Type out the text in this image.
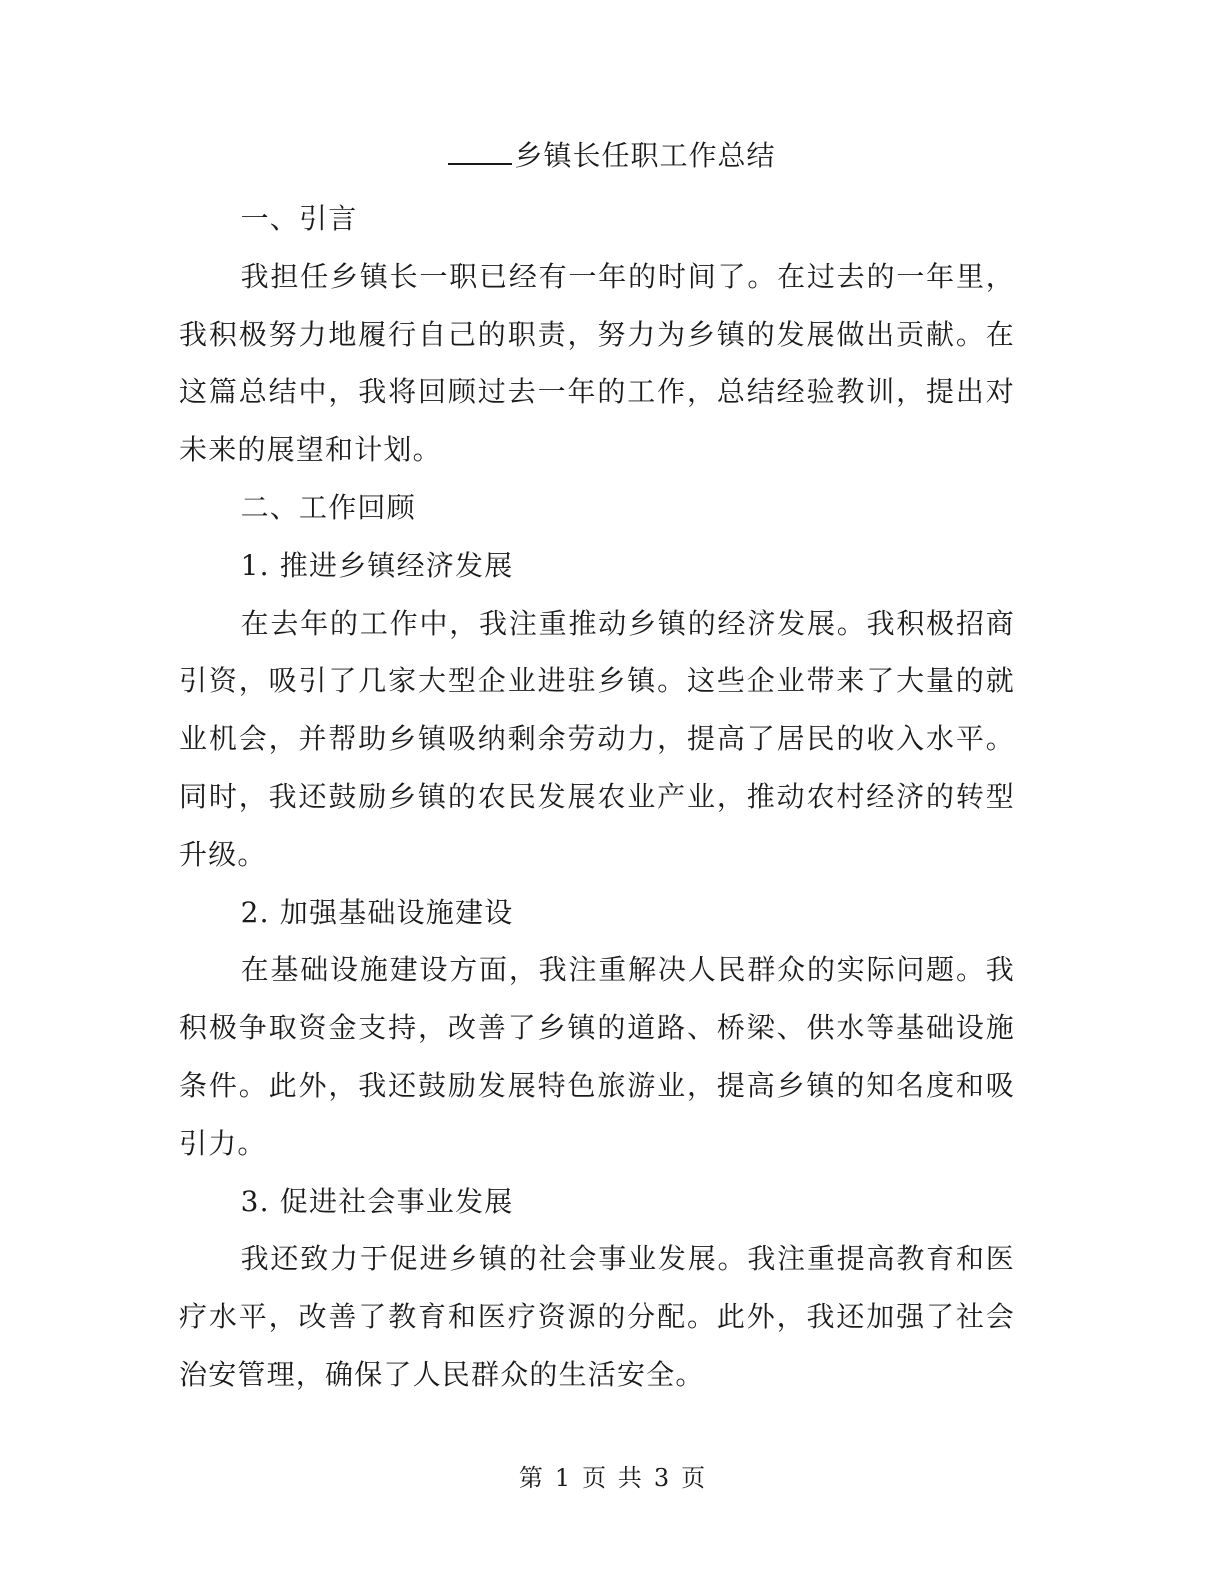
乡镇长任职工作总结

一、引言

我担任乡镇长一职已经有一年的时间了。在过去的一年里，我积极努力地履行自己的职责，努力为乡镇的发展做出贡献。在这篇总结中，我将回顾过去一年的工作，总结经验教训，提出对未来的展望和计划。

二、工作回顾

1. 推进乡镇经济发展

在去年的工作中，我注重推动乡镇的经济发展。我积极招商引资，吸引了几家大型企业进驻乡镇。这些企业带来了大量的就业机会，并帮助乡镇吸纳剩余劳动力，提高了居民的收入水平。同时，我还鼓励乡镇的农民发展农业产业，推动农村经济的转型升级。

2. 加强基础设施建设

在基础设施建设方面，我注重解决人民群众的实际问题。我积极争取资金支持，改善了乡镇的道路、桥梁、供水等基础设施条件。此外，我还鼓励发展特色旅游业，提高乡镇的知名度和吸引力。

3. 促进社会事业发展

我还致力于促进乡镇的社会事业发展。我注重提高教育和医疗水平，改善了教育和医疗资源的分配。此外，我还加强了社会治安管理，确保了人民群众的生活安全。

第 1 页 共 3 页
